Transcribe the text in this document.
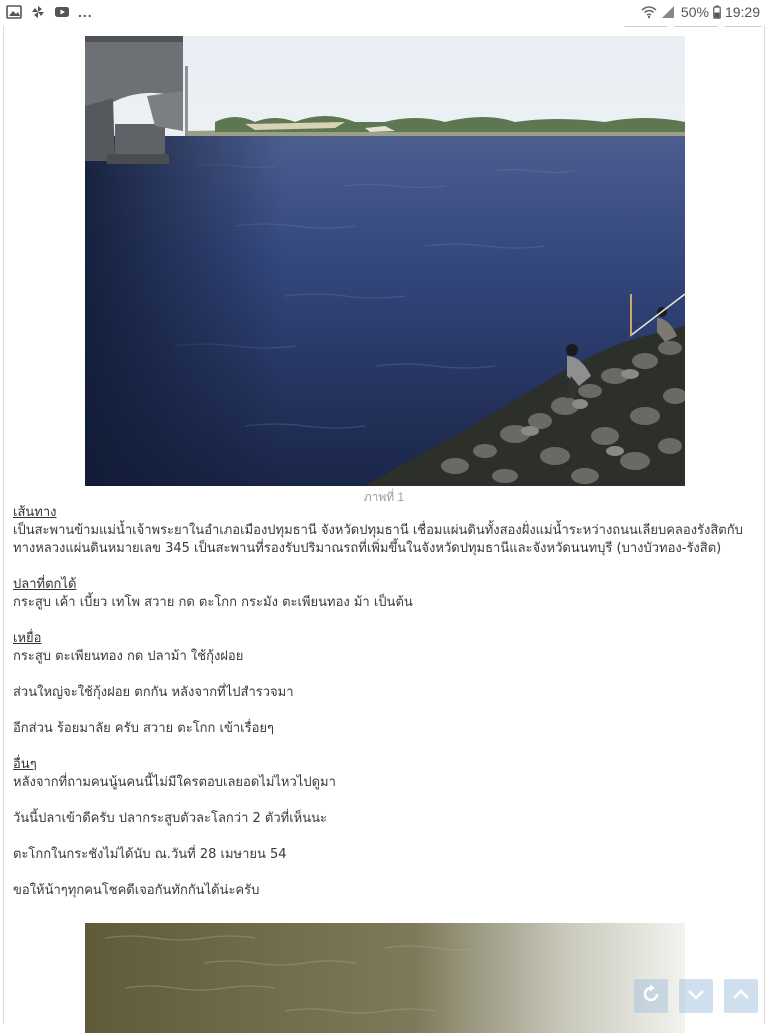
...	50% 19:29
ภาพที่ 1

เส้นทาง

เป็นสะพานข้ามแม่น้ำเจ้าพระยาในอำเภอเมืองปทุมธานี จังหวัดปทุมธานี เชื่อมแผ่นดินทั้งสองฝั่งแม่น้ำระหว่างถนนเลียบคลองรังสิตกับทางหลวงแผ่นดินหมายเลข 345 เป็นสะพานที่รองรับปริมาณรถที่เพิ่มขึ้นในจังหวัดปทุมธานีและจังหวัดนนทบุรี (บางบัวทอง-รังสิต)

ปลาที่ตกได้

กระสูบ เค้า เบี้ยว เทโพ สวาย กด ตะโกก กระมัง ตะเพียนทอง ม้า เป็นต้น

เหยื่อ

กระสูบ ตะเพียนทอง กด ปลาม้า ใช้กุ้งฝอย

ส่วนใหญ่จะใช้กุ้งฝอย ตกกัน หลังจากที่ไปสำรวจมา

อีกส่วน ร้อยมาลัย ครับ สวาย ตะโกก เข้าเรื่อยๆ

อื่นๆ

หลังจากที่ถามคนนู้นคนนี้ไม่มีใครตอบเลยอดไม่ไหวไปดูมา

วันนี้ปลาเข้าดีครับ ปลากระสูบตัวละโลกว่า 2 ตัวที่เห็นนะ

ตะโกกในกระชังไม่ได้นับ ณ.วันที่ 28 เมษายน 54

ขอให้น้าๆทุกคนโชคดีเจอกันทักกันได้น่ะครับ
